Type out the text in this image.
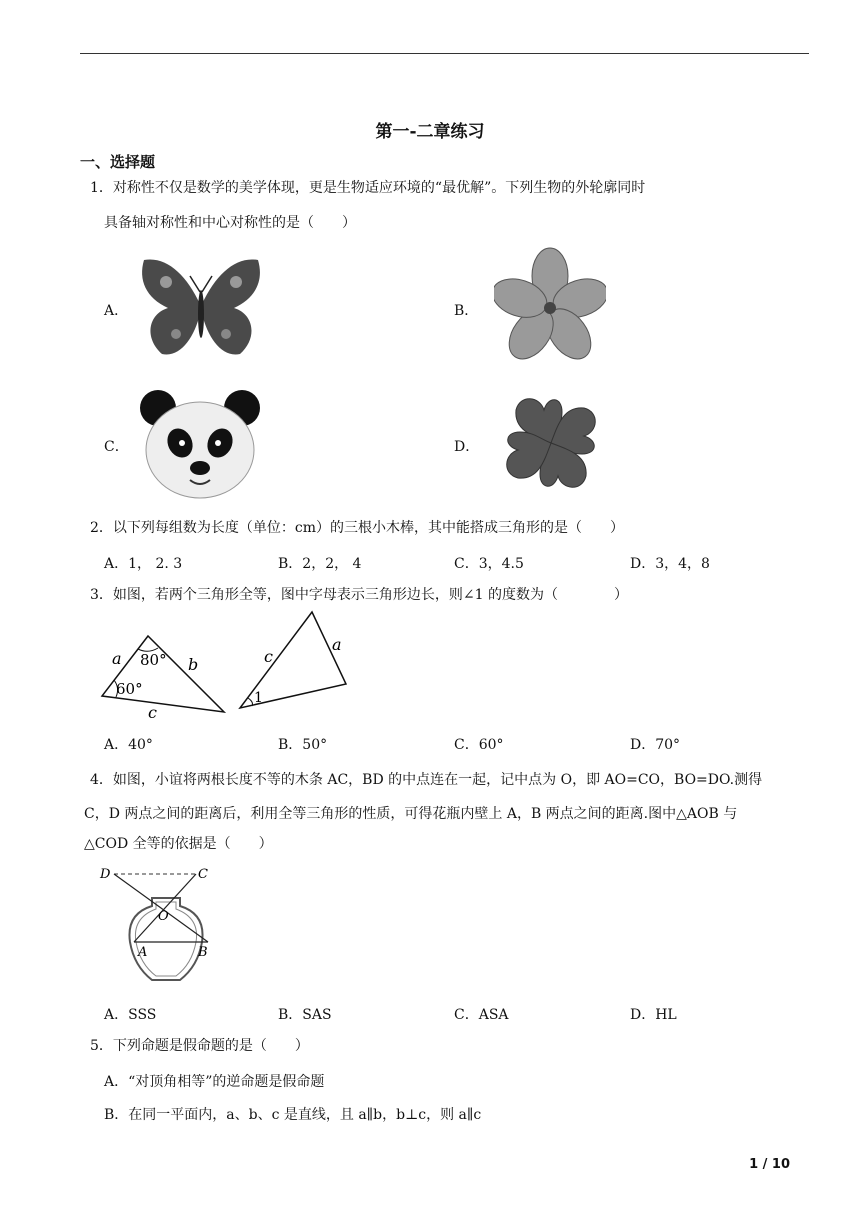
第一-二章练习
一、选择题
1．对称性不仅是数学的美学体现，更是生物适应环境的“最优解”。下列生物的外轮廓同时
具备轴对称性和中心对称性的是（　　）
A．	B．
C．	D．
2．以下列每组数为长度（单位：cm）的三根小木棒，其中能搭成三角形的是（　　）
A．1， 2. 3	B．2，2， 4	C．3，4.5	D．3，4，8
3．如图，若两个三角形全等，图中字母表示三角形边长，则∠1 的度数为（　　　　）
a	b
c
80°
60°
c
a
1
A．40°	B．50°	C．60°	D．70°
4．如图，小谊将两根长度不等的木条 AC，BD 的中点连在一起，记中点为 O，即 AO=CO，BO=DO.测得
C，D 两点之间的距离后，利用全等三角形的性质，可得花瓶内壁上 A，B 两点之间的距离.图中△AOB 与
△COD 全等的依据是（　　）
D	C
O
A	B
A．SSS	B．SAS	C．ASA	D．HL
5．下列命题是假命题的是（　　）
A．“对顶角相等”的逆命题是假命题
B．在同一平面内，a、b、c 是直线，且 a∥b，b⊥c，则 a∥c
1 / 10
